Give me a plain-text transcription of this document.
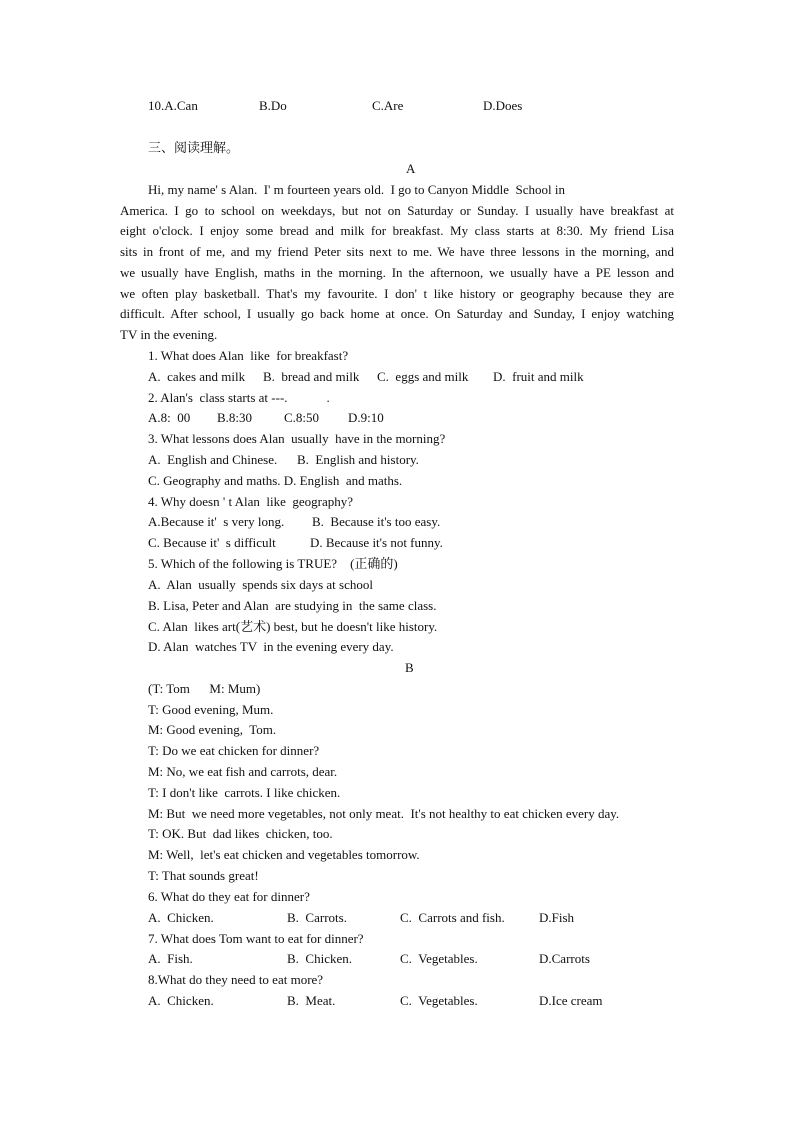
10.A.Can	B.Do	C.Are	D.Does
三、阅读理解。
A
Hi, my name' s Alan.  I' m fourteen years old.  I go to Canyon Middle  School in
America. I go to school on weekdays, but not on Saturday or Sunday. I usually have breakfast at
eight o'clock. I enjoy some bread and milk for breakfast. My class starts at 8:30. My friend Lisa
sits in front of me, and my friend Peter sits next to me. We have three lessons in the morning, and
we usually have English, maths in the morning. In the afternoon, we usually have a PE lesson and
we often play basketball. That's my favourite. I don' t like history or geography because they are
difficult. After school, I usually go back home at once. On Saturday and Sunday, I enjoy watching
TV in the evening.
1. What does Alan  like  for breakfast?
A.  cakes and milk B.  bread and milk C.  eggs and milk D.  fruit and milk
2. Alan's  class starts at ---.            .
A.8:  00 B.8:30 C.8:50 D.9:10
3. What lessons does Alan  usually  have in the morning?
A.  English and Chinese. B.  English and history.
C. Geography and maths. D. English  and maths.
4. Why doesn ' t Alan  like  geography?
A.Because it'  s very long. B.  Because it's too easy.
C. Because it'  s difficult	D. Because it's not funny.
5. Which of the following is TRUE?    (正确的)
A.  Alan  usually  spends six days at school
B. Lisa, Peter and Alan  are studying in  the same class.
C. Alan  likes art(艺术) best, but he doesn't like history.
D. Alan  watches TV  in the evening every day.
B
(T: Tom      M: Mum)
T: Good evening, Mum.
M: Good evening,  Tom.
T: Do we eat chicken for dinner?
M: No, we eat fish and carrots, dear.
T: I don't like  carrots. I like chicken.
M: But  we need more vegetables, not only meat.  It's not healthy to eat chicken every day.
T: OK. But  dad likes  chicken, too.
M: Well,  let's eat chicken and vegetables tomorrow.
T: That sounds great!
6. What do they eat for dinner?
A.  Chicken.	B.  Carrots.	C.  Carrots and fish.	D.Fish
7. What does Tom want to eat for dinner?
A.  Fish.	B.  Chicken.	C.  Vegetables.	D.Carrots
8.What do they need to eat more?
A.  Chicken.	B.  Meat.	C.  Vegetables.	D.Ice cream
